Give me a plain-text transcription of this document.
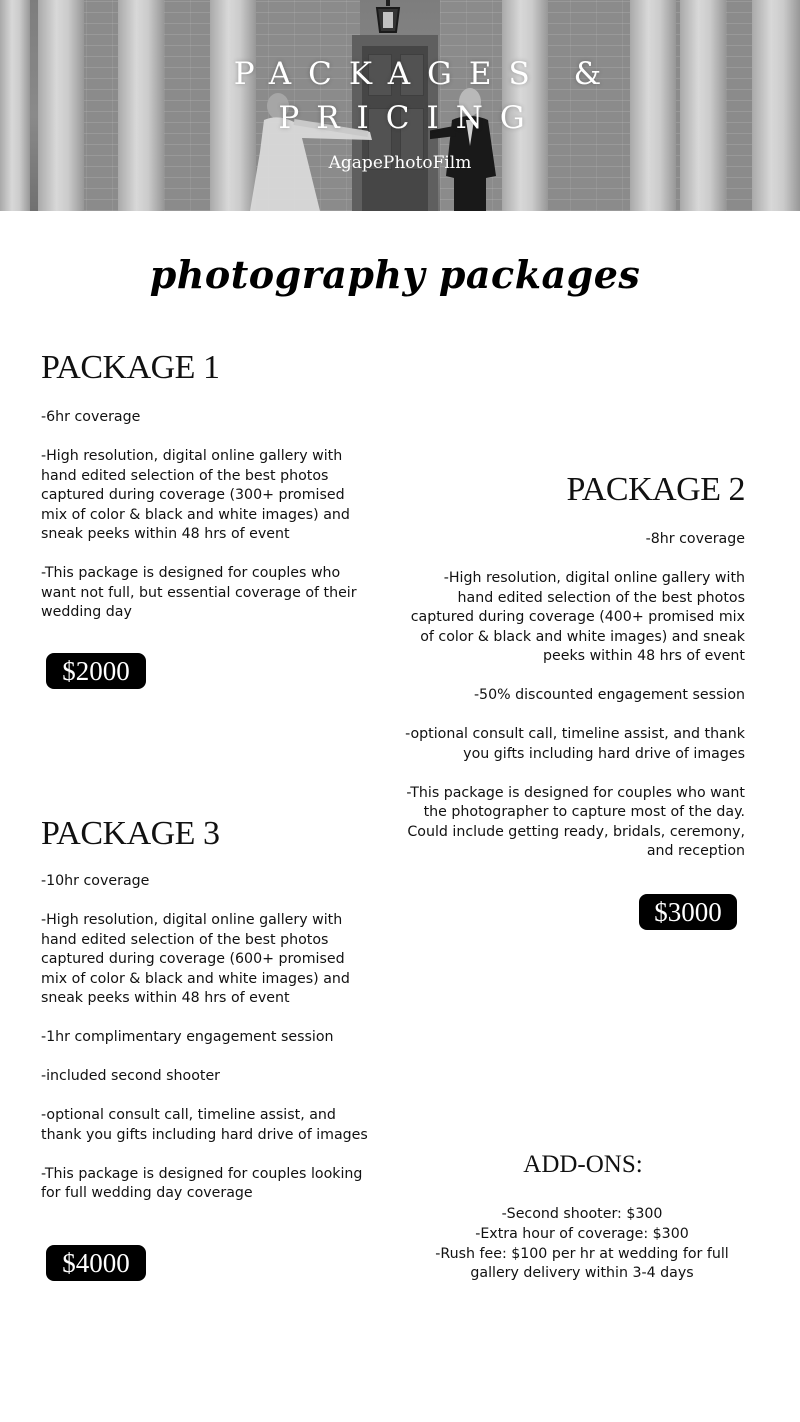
PACKAGES &
PRICING
AgapePhotoFilm
photography packages
PACKAGE 1

-6hr coverage

-High resolution, digital online gallery with hand edited selection of the best photos captured during coverage (300+ promised mix of color & black and white images) and sneak peeks within 48 hrs of event

-This package is designed for couples who want not full, but essential coverage of their wedding day

$2000
PACKAGE 2

-8hr coverage

-High resolution, digital online gallery with hand edited selection of the best photos captured during coverage (400+ promised mix of color & black and white images) and sneak peeks within 48 hrs of event

-50% discounted engagement session

-optional consult call, timeline assist, and thank you gifts including hard drive of images

-This package is designed for couples who want the photographer to capture most of the day. Could include getting ready, bridals, ceremony, and reception

$3000
PACKAGE 3

-10hr coverage

-High resolution, digital online gallery with hand edited selection of the best photos captured during coverage (600+ promised mix of color & black and white images) and sneak peeks within 48 hrs of event

-1hr complimentary engagement session

-included second shooter

-optional consult call, timeline assist, and thank you gifts including hard drive of images

-This package is designed for couples looking for full wedding day coverage

$4000
ADD-ONS:
-Second shooter: $300
-Extra hour of coverage: $300
-Rush fee: $100 per hr at wedding for full gallery delivery within 3-4 days
